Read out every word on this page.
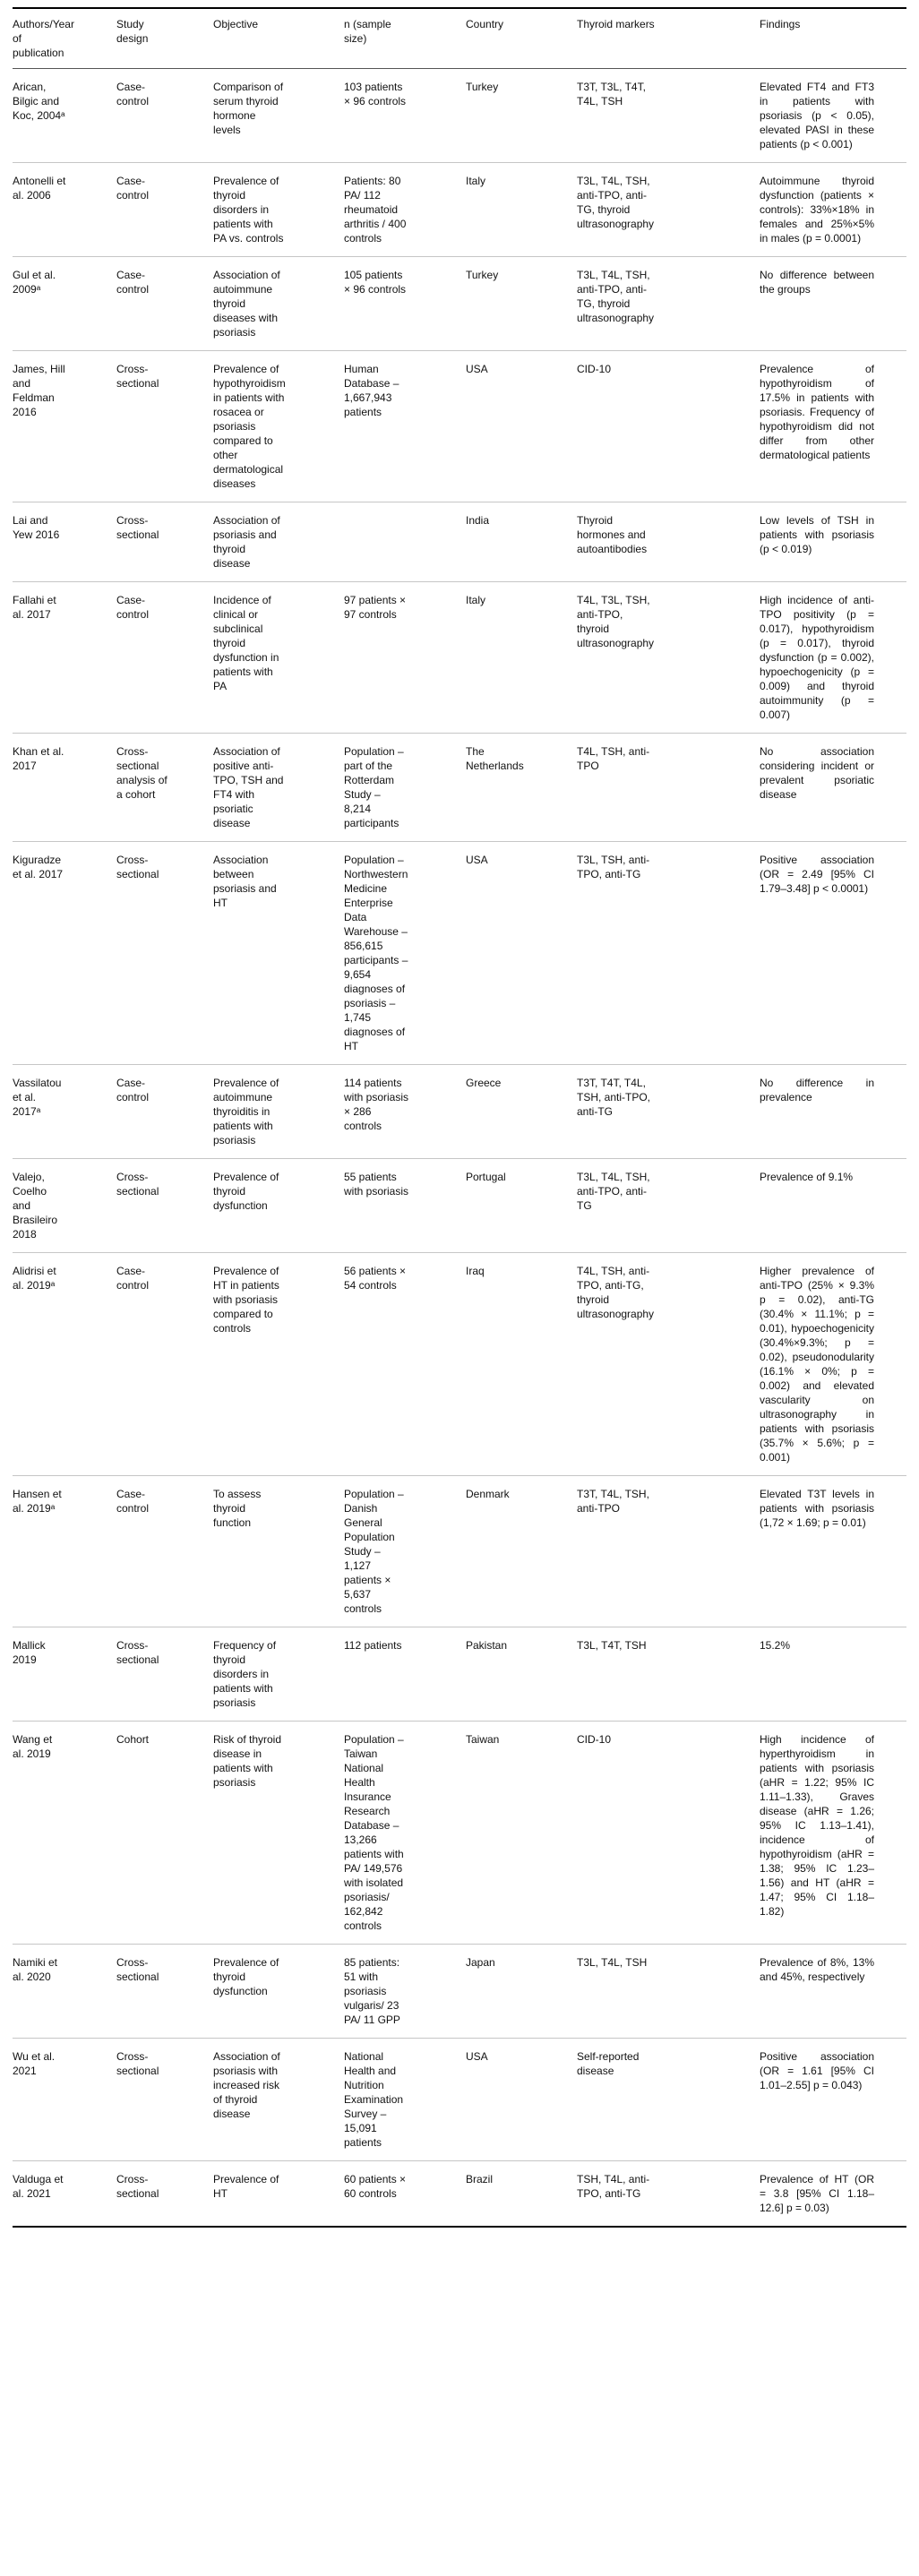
Authors/Year of publication	Study design	Objective	n (sample size)	Country	Thyroid markers	Findings

Arican, Bilgic and Koc, 2004ᵃ	Case-control	Comparison of serum thyroid hormone levels	103 patients × 96 controls	Turkey	T3T, T3L, T4T, T4L, TSH	Elevated FT4 and FT3 in patients with psoriasis (p < 0.05), elevated PASI in these patients (p < 0.001)

Antonelli et al. 2006	Case-control	Prevalence of thyroid disorders in patients with PA vs. controls	Patients: 80 PA/ 112 rheumatoid arthritis / 400 controls	Italy	T3L, T4L, TSH, anti-TPO, anti-TG, thyroid ultrasonography	Autoimmune thyroid dysfunction (patients × controls): 33%×18% in females and 25%×5% in males (p = 0.0001)

Gul et al. 2009ᵃ	Case-control	Association of autoimmune thyroid diseases with psoriasis	105 patients × 96 controls	Turkey	T3L, T4L, TSH, anti-TPO, anti-TG, thyroid ultrasonography	No difference between the groups

James, Hill and Feldman 2016	Cross-sectional	Prevalence of hypothyroidism in patients with rosacea or psoriasis compared to other dermatological diseases	Human Database – 1,667,943 patients	USA	CID-10	Prevalence of hypothyroidism of 17.5% in patients with psoriasis. Frequency of hypothyroidism did not differ from other dermatological patients

Lai and Yew 2016	Cross-sectional	Association of psoriasis and thyroid disease		India	Thyroid hormones and autoantibodies	Low levels of TSH in patients with psoriasis (p < 0.019)

Fallahi et al. 2017	Case-control	Incidence of clinical or subclinical thyroid dysfunction in patients with PA	97 patients × 97 controls	Italy	T4L, T3L, TSH, anti-TPO, thyroid ultrasonography	High incidence of anti-TPO positivity (p = 0.017), hypothyroidism (p = 0.017), thyroid dysfunction (p = 0.002), hypoechogenicity (p = 0.009) and thyroid autoimmunity (p = 0.007)

Khan et al. 2017	Cross-sectional analysis of a cohort	Association of positive anti-TPO, TSH and FT4 with psoriatic disease	Population – part of the Rotterdam Study – 8,214 participants	The Netherlands	T4L, TSH, anti-TPO	No association considering incident or prevalent psoriatic disease

Kiguradze et al. 2017	Cross-sectional	Association between psoriasis and HT	Population – Northwestern Medicine Enterprise Data Warehouse – 856,615 participants – 9,654 diagnoses of psoriasis – 1,745 diagnoses of HT	USA	T3L, TSH, anti-TPO, anti-TG	Positive association (OR = 2.49 [95% CI 1.79–3.48] p < 0.0001)

Vassilatou et al. 2017ᵃ	Case-control	Prevalence of autoimmune thyroiditis in patients with psoriasis	114 patients with psoriasis × 286 controls	Greece	T3T, T4T, T4L, TSH, anti-TPO, anti-TG	No difference in prevalence

Valejo, Coelho and Brasileiro 2018	Cross-sectional	Prevalence of thyroid dysfunction	55 patients with psoriasis	Portugal	T3L, T4L, TSH, anti-TPO, anti-TG	Prevalence of 9.1%

Alidrisi et al. 2019ᵃ	Case-control	Prevalence of HT in patients with psoriasis compared to controls	56 patients × 54 controls	Iraq	T4L, TSH, anti-TPO, anti-TG, thyroid ultrasonography	Higher prevalence of anti-TPO (25% × 9.3% p = 0.02), anti-TG (30.4% × 11.1%; p = 0.01), hypoechogenicity (30.4%×9.3%; p = 0.02), pseudonodularity (16.1% × 0%; p = 0.002) and elevated vascularity on ultrasonography in patients with psoriasis (35.7% × 5.6%; p = 0.001)

Hansen et al. 2019ᵃ	Case-control	To assess thyroid function	Population – Danish General Population Study – 1,127 patients × 5,637 controls	Denmark	T3T, T4L, TSH, anti-TPO	Elevated T3T levels in patients with psoriasis (1,72 × 1.69; p = 0.01)

Mallick 2019	Cross-sectional	Frequency of thyroid disorders in patients with psoriasis	112 patients	Pakistan	T3L, T4T, TSH	15.2%

Wang et al. 2019	Cohort	Risk of thyroid disease in patients with psoriasis	Population – Taiwan National Health Insurance Research Database – 13,266 patients with PA/ 149,576 with isolated psoriasis/ 162,842 controls	Taiwan	CID-10	High incidence of hyperthyroidism in patients with psoriasis (aHR = 1.22; 95% IC 1.11–1.33), Graves disease (aHR = 1.26; 95% IC 1.13–1.41), incidence of hypothyroidism (aHR = 1.38; 95% IC 1.23–1.56) and HT (aHR = 1.47; 95% CI 1.18–1.82)

Namiki et al. 2020	Cross-sectional	Prevalence of thyroid dysfunction	85 patients: 51 with psoriasis vulgaris/ 23 PA/ 11 GPP	Japan	T3L, T4L, TSH	Prevalence of 8%, 13% and 45%, respectively

Wu et al. 2021	Cross-sectional	Association of psoriasis with increased risk of thyroid disease	National Health and Nutrition Examination Survey – 15,091 patients	USA	Self-reported disease	Positive association (OR = 1.61 [95% CI 1.01–2.55] p = 0.043)

Valduga et al. 2021	Cross-sectional	Prevalence of HT	60 patients × 60 controls	Brazil	TSH, T4L, anti-TPO, anti-TG	Prevalence of HT (OR = 3.8 [95% CI 1.18–12.6] p = 0.03)
